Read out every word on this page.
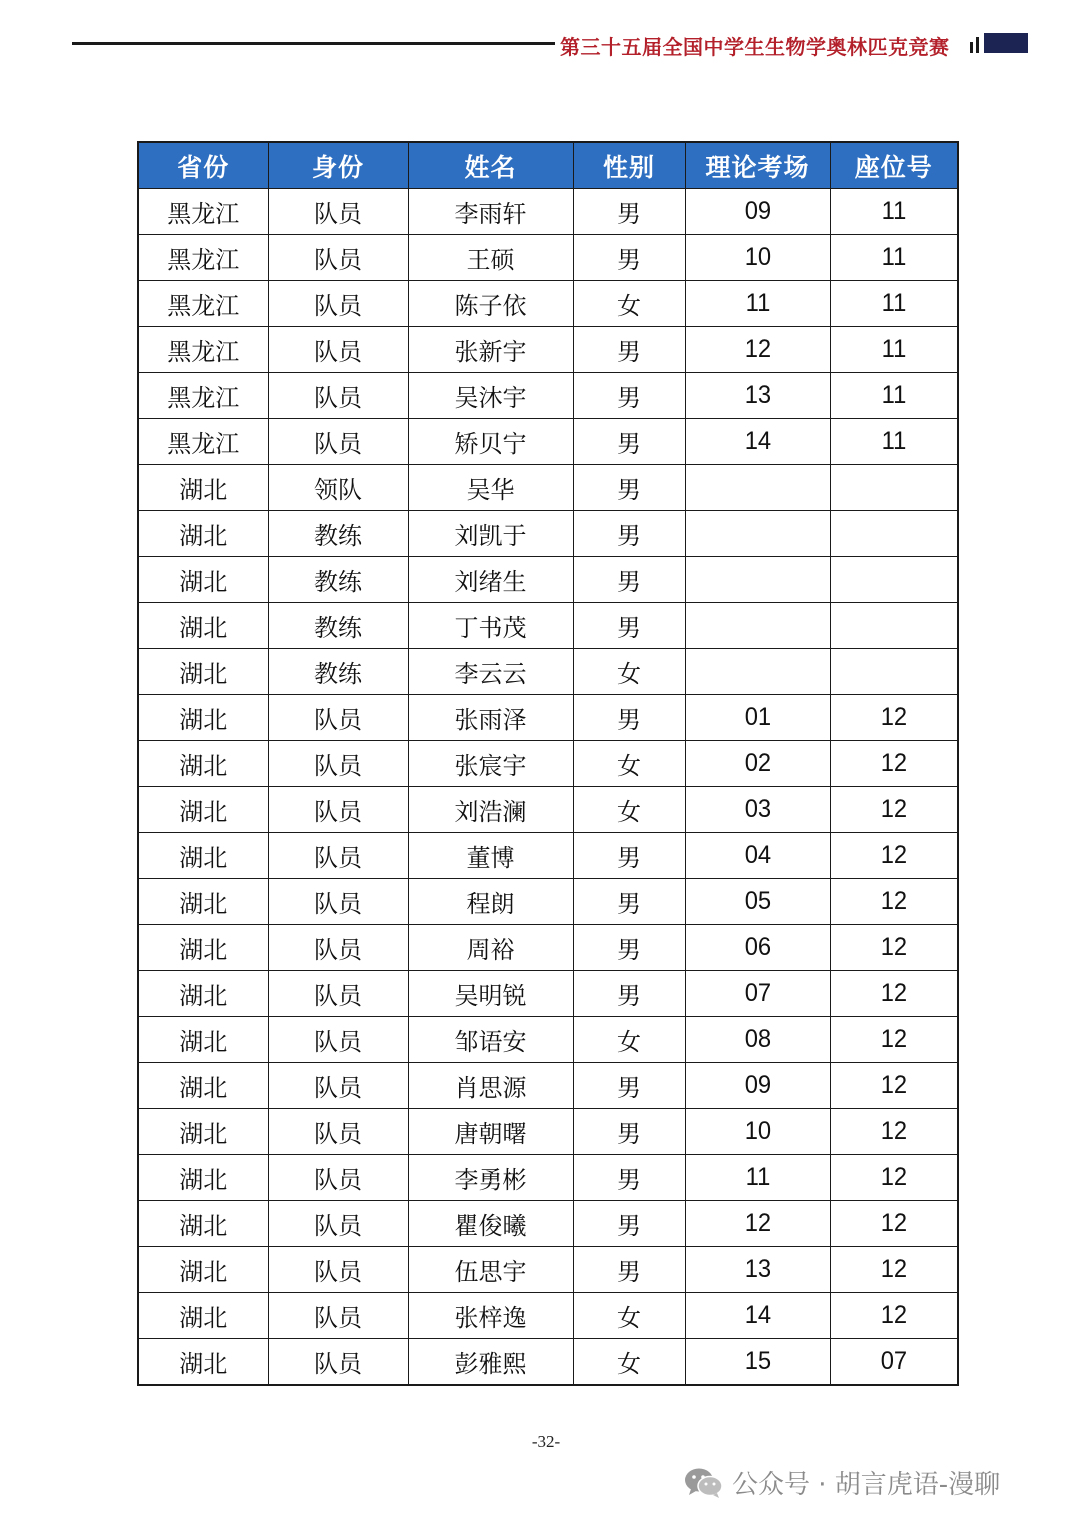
第三十五届全国中学生生物学奥林匹克竞赛
省份	身份	姓名	性别	理论考场	座位号
黑龙江	队员	李雨轩	男	09	11
黑龙江	队员	王硕	男	10	11
黑龙江	队员	陈子依	女	11	11
黑龙江	队员	张新宇	男	12	11
黑龙江	队员	吴沐宇	男	13	11
黑龙江	队员	矫贝宁	男	14	11
湖北	领队	吴华	男		
湖北	教练	刘凯于	男		
湖北	教练	刘绪生	男		
湖北	教练	丁书茂	男		
湖北	教练	李云云	女		
湖北	队员	张雨泽	男	01	12
湖北	队员	张宸宇	女	02	12
湖北	队员	刘浩澜	女	03	12
湖北	队员	董博	男	04	12
湖北	队员	程朗	男	05	12
湖北	队员	周裕	男	06	12
湖北	队员	吴明锐	男	07	12
湖北	队员	邹语安	女	08	12
湖北	队员	肖思源	男	09	12
湖北	队员	唐朝曙	男	10	12
湖北	队员	李勇彬	男	11	12
湖北	队员	瞿俊曦	男	12	12
湖北	队员	伍思宇	男	13	12
湖北	队员	张梓逸	女	14	12
湖北	队员	彭雅熙	女	15	07
-32-
公众号 · 胡言虎语-漫聊
